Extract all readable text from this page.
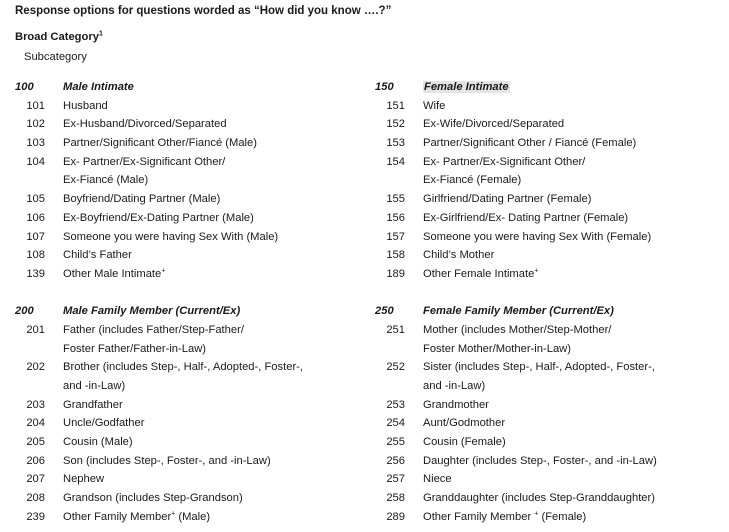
Response options for questions worded as “How did you know ….?”
Broad Category$^1$
Subcategory
100	Male Intimate
101 Husband
102 Ex-Husband/Divorced/Separated
103 Partner/Significant Other/Fiancé (Male)
104 Ex- Partner/Ex-Significant Other/
Ex-Fiancé (Male)
105 Boyfriend/Dating Partner (Male)
106 Ex-Boyfriend/Ex-Dating Partner (Male)
107 Someone you were having Sex With (Male)
108 Child’s Father
139 Other Male Intimate+
200	Male Family Member (Current/Ex)
201 Father (includes Father/Step-Father/
Foster Father/Father-in-Law)
202 Brother (includes Step-, Half-, Adopted-, Foster-,
and -in-Law)
203 Grandfather
204 Uncle/Godfather
205 Cousin (Male)
206 Son (includes Step-, Foster-, and -in-Law)
207 Nephew
208 Grandson (includes Step-Grandson)
239 Other Family Member+ (Male)
150	Female Intimate
151 Wife
152 Ex-Wife/Divorced/Separated
153 Partner/Significant Other / Fiancé (Female)
154 Ex- Partner/Ex-Significant Other/
Ex-Fiancé (Female)
155 Girlfriend/Dating Partner (Female)
156 Ex-Girlfriend/Ex- Dating Partner (Female)
157 Someone you were having Sex With (Female)
158 Child’s Mother
189 Other Female Intimate+
250	Female Family Member (Current/Ex)
251 Mother (includes Mother/Step-Mother/
Foster Mother/Mother-in-Law)
252 Sister (includes Step-, Half-, Adopted-, Foster-,
and -in-Law)
253 Grandmother
254 Aunt/Godmother
255 Cousin (Female)
256 Daughter (includes Step-, Foster-, and -in-Law)
257 Niece
258 Granddaughter (includes Step-Granddaughter)
289 Other Family Member + (Female)
